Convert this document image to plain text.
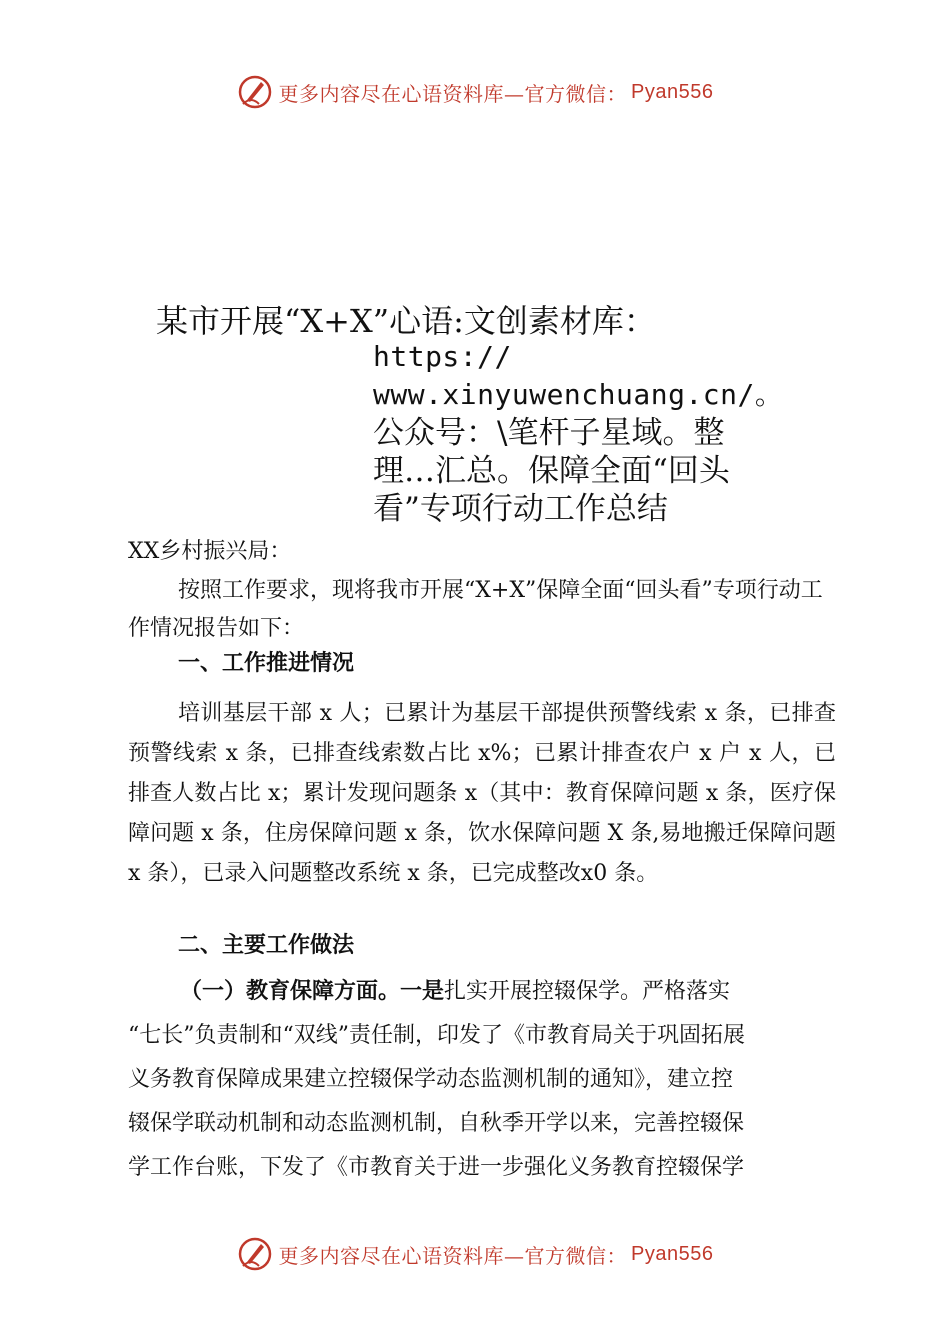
更多内容尽在心语资料库—官方微信： Pyan556
某市开展“X+X”心语:文创素材库：
https://
www.xinyuwenchuang.cn/。
公众号：\笔杆子星域。整
理…汇总。保障全面“回头
看”专项行动工作总结
XX乡村振兴局：
按照工作要求，现将我市开展“X+X”保障全面“回头看”专项行动工作情况报告如下：
一、工作推进情况
培训基层干部 x 人；已累计为基层干部提供预警线索 x 条，已排查预警线索 x 条，已排查线索数占比 x%；已累计排查农户 x 户 x 人，已排查人数占比 x；累计发现问题条 x（其中：教育保障问题 x 条，医疗保障问题 x 条，住房保障问题 x 条，饮水保障问题 X 条,易地搬迁保障问题 x 条），已录入问题整改系统 x 条，已完成整改x0 条。
二、主要工作做法
（一）教育保障方面。一是扎实开展控辍保学。严格落实
“七长”负责制和“双线”责任制，印发了《市教育局关于巩固拓展
义务教育保障成果建立控辍保学动态监测机制的通知》，建立控
辍保学联动机制和动态监测机制，自秋季开学以来，完善控辍保
学工作台账，下发了《市教育关于进一步强化义务教育控辍保学
更多内容尽在心语资料库—官方微信： Pyan556
